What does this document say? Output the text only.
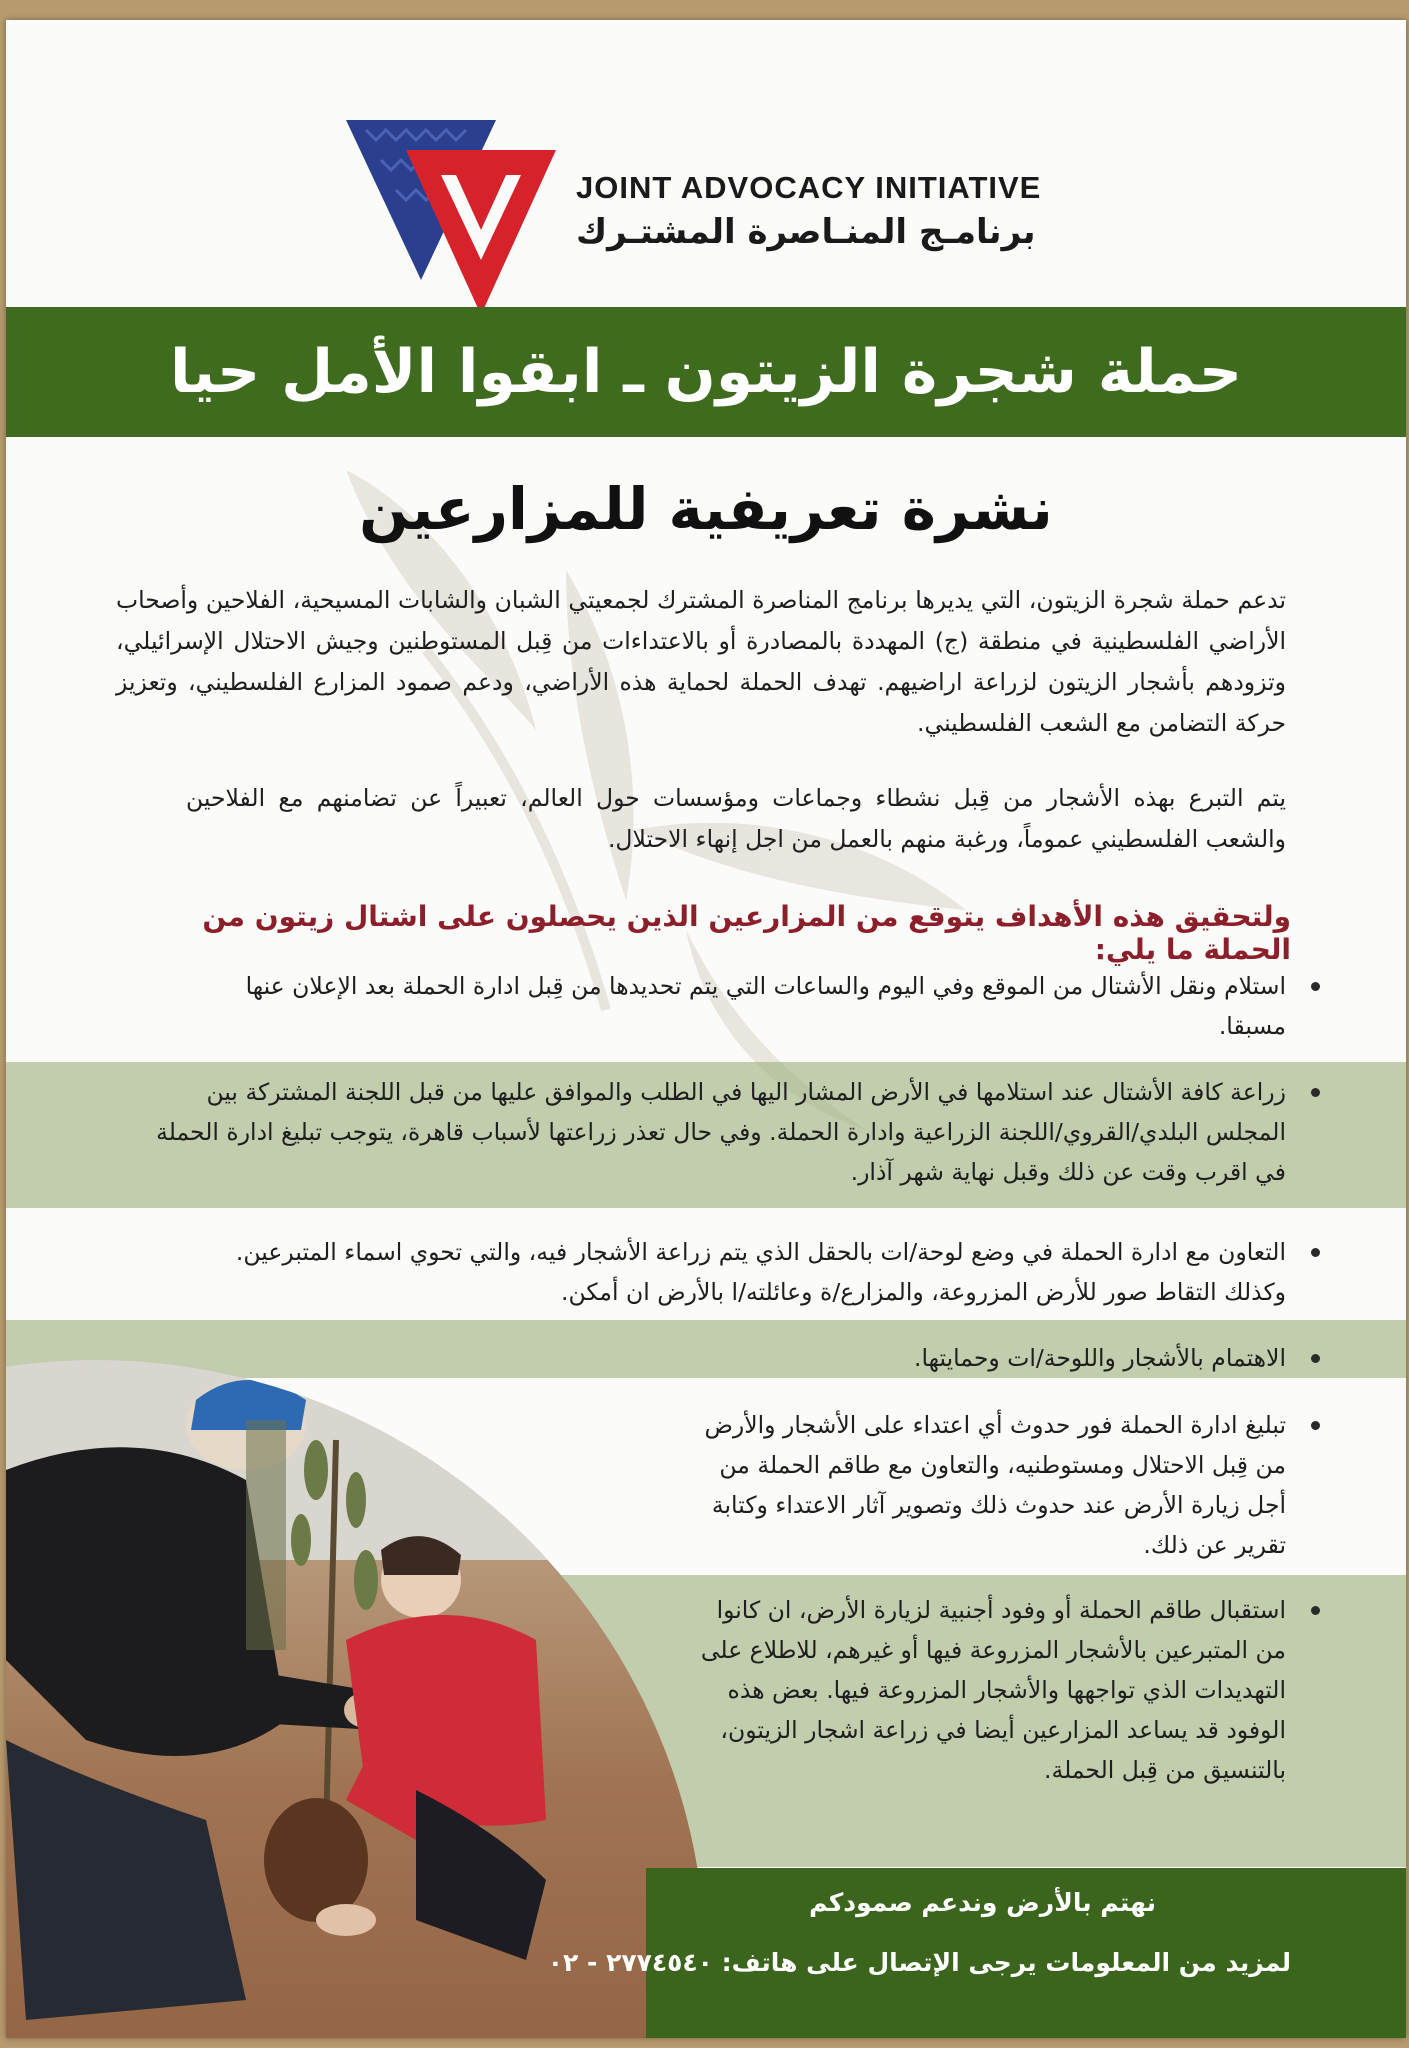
JOINT ADVOCACY INITIATIVE
برنامـج المنـاصرة المشتـرك
حملة شجرة الزيتون ـ ابقوا الأمل حيا
نشرة تعريفية للمزارعين
تدعم حملة شجرة الزيتون، التي يديرها برنامج المناصرة المشترك لجمعيتي الشبان والشابات المسيحية، الفلاحين وأصحاب الأراضي الفلسطينية في منطقة (ج) المهددة بالمصادرة أو بالاعتداءات من قِبل المستوطنين وجيش الاحتلال الإسرائيلي، وتزودهم بأشجار الزيتون لزراعة اراضيهم. تهدف الحملة لحماية هذه الأراضي، ودعم صمود المزارع الفلسطيني، وتعزيز حركة التضامن مع الشعب الفلسطيني.
يتم التبرع بهذه الأشجار من قِبل نشطاء وجماعات ومؤسسات حول العالم، تعبيراً عن تضامنهم مع الفلاحين والشعب الفلسطيني عموماً، ورغبة منهم بالعمل من اجل إنهاء الاحتلال.
ولتحقيق هذه الأهداف يتوقع من المزارعين الذين يحصلون على اشتال زيتون من الحملة ما يلي:
استلام ونقل الأشتال من الموقع وفي اليوم والساعات التي يتم تحديدها من قِبل ادارة الحملة بعد الإعلان عنها مسبقا.
زراعة كافة الأشتال عند استلامها في الأرض المشار اليها في الطلب والموافق عليها من قبل اللجنة المشتركة بين المجلس البلدي/القروي/اللجنة الزراعية وادارة الحملة. وفي حال تعذر زراعتها لأسباب قاهرة، يتوجب تبليغ ادارة الحملة في اقرب وقت عن ذلك وقبل نهاية شهر آذار.
التعاون مع ادارة الحملة في وضع لوحة/ات بالحقل الذي يتم زراعة الأشجار فيه، والتي تحوي اسماء المتبرعين. وكذلك التقاط صور للأرض المزروعة، والمزارع/ة وعائلته/ا بالأرض ان أمكن.
الاهتمام بالأشجار واللوحة/ات وحمايتها.
تبليغ ادارة الحملة فور حدوث أي اعتداء على الأشجار والأرض من قِبل الاحتلال ومستوطنيه، والتعاون مع طاقم الحملة من أجل زيارة الأرض عند حدوث ذلك وتصوير آثار الاعتداء وكتابة تقرير عن ذلك.
استقبال طاقم الحملة أو وفود أجنبية لزيارة الأرض، ان كانوا من المتبرعين بالأشجار المزروعة فيها أو غيرهم، للاطلاع على التهديدات الذي تواجهها والأشجار المزروعة فيها. بعض هذه الوفود قد يساعد المزارعين أيضا في زراعة اشجار الزيتون، بالتنسيق من قِبل الحملة.
نهتم بالأرض وندعم صمودكم
لمزيد من المعلومات يرجى الإتصال على هاتف: ٢٧٧٤٥٤٠ - ٠٢
